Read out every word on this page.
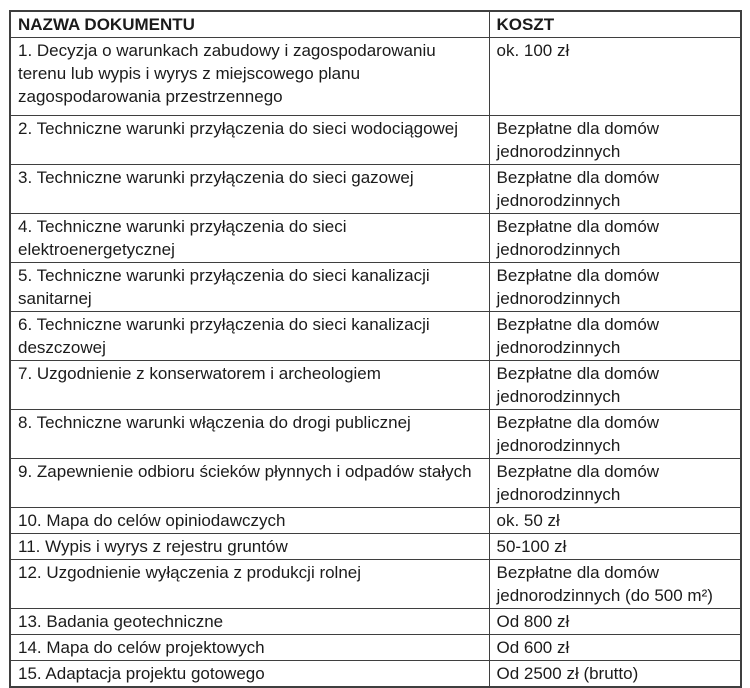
NAZWA DOKUMENTU	KOSZT
1. Decyzja o warunkach zabudowy i zagospodarowaniu terenu lub wypis i wyrys z miejscowego planu zagospodarowania przestrzennego	ok. 100 zł
2. Techniczne warunki przyłączenia do sieci wodociągowej	Bezpłatne dla domów jednorodzinnych
3. Techniczne warunki przyłączenia do sieci gazowej	Bezpłatne dla domów jednorodzinnych
4. Techniczne warunki przyłączenia do sieci elektroenergetycznej	Bezpłatne dla domów jednorodzinnych
5. Techniczne warunki przyłączenia do sieci kanalizacji sanitarnej	Bezpłatne dla domów jednorodzinnych
6. Techniczne warunki przyłączenia do sieci kanalizacji deszczowej	Bezpłatne dla domów jednorodzinnych
7. Uzgodnienie z konserwatorem i archeologiem	Bezpłatne dla domów jednorodzinnych
8. Techniczne warunki włączenia do drogi publicznej	Bezpłatne dla domów jednorodzinnych
9. Zapewnienie odbioru ścieków płynnych i odpadów stałych	Bezpłatne dla domów jednorodzinnych
10. Mapa do celów opiniodawczych	ok. 50 zł
11. Wypis i wyrys z rejestru gruntów	50-100 zł
12. Uzgodnienie wyłączenia z produkcji rolnej	Bezpłatne dla domów jednorodzinnych (do 500 m²)
13. Badania geotechniczne	Od 800 zł
14. Mapa do celów projektowych	Od 600 zł
15. Adaptacja projektu gotowego	Od 2500 zł (brutto)
